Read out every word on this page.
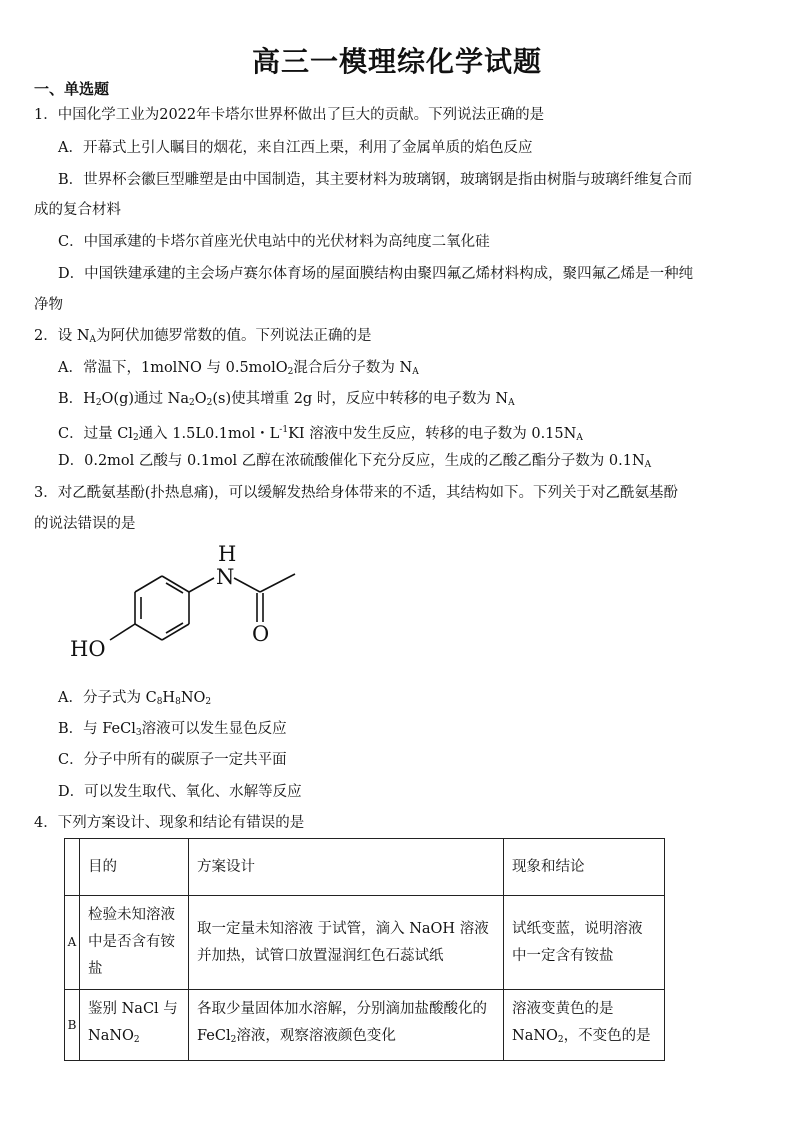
高三一模理综化学试题
一、单选题
1．中国化学工业为2022年卡塔尔世界杯做出了巨大的贡献。下列说法正确的是
A．开幕式上引人瞩目的烟花，来自江西上栗，利用了金属单质的焰色反应
B．世界杯会徽巨型雕塑是由中国制造，其主要材料为玻璃钢，玻璃钢是指由树脂与玻璃纤维复合而
成的复合材料
C．中国承建的卡塔尔首座光伏电站中的光伏材料为高纯度二氧化硅
D．中国铁建承建的主会场卢赛尔体育场的屋面膜结构由聚四氟乙烯材料构成，聚四氟乙烯是一种纯
净物
2．设 $N_A$为阿伏加德罗常数的值。下列说法正确的是
A．常温下，1molNO 与 0.5molO$_2$混合后分子数为 $N_A$
B．$H_2O(g)$通过 $Na_2O_2(s)$使其增重 2g 时，反应中转移的电子数为 $N_A$
C．过量 $Cl_2$通入 1.5L0.1mol・$L^{-1}KI$ 溶液中发生反应，转移的电子数为 $0.15N_A$
D．0.2mol 乙酸与 0.1mol 乙醇在浓硫酸催化下充分反应，生成的乙酸乙酯分子数为 $0.1N_A$
3．对乙酰氨基酚(扑热息痛)，可以缓解发热给身体带来的不适，其结构如下。下列关于对乙酰氨基酚
的说法错误的是
H
N
O
HO
A．分子式为 $C_8H_8NO_2$
B．与 FeCl$_3$溶液可以发生显色反应
C．分子中所有的碳原子一定共平面
D．可以发生取代、氧化、水解等反应
4．下列方案设计、现象和结论有错误的是
	目的	方案设计	现象和结论
A	检验未知溶液中是否含有铵盐	取一定量未知溶液 于试管，滴入 NaOH 溶液并加热，试管口放置湿润红色石蕊试纸	试纸变蓝，说明溶液中一定含有铵盐
B	鉴别 NaCl 与 NaNO$_2$	各取少量固体加水溶解，分别滴加盐酸酸化的 FeCl$_2$溶液，观察溶液颜色变化	溶液变黄色的是 NaNO$_2$，不变色的是
